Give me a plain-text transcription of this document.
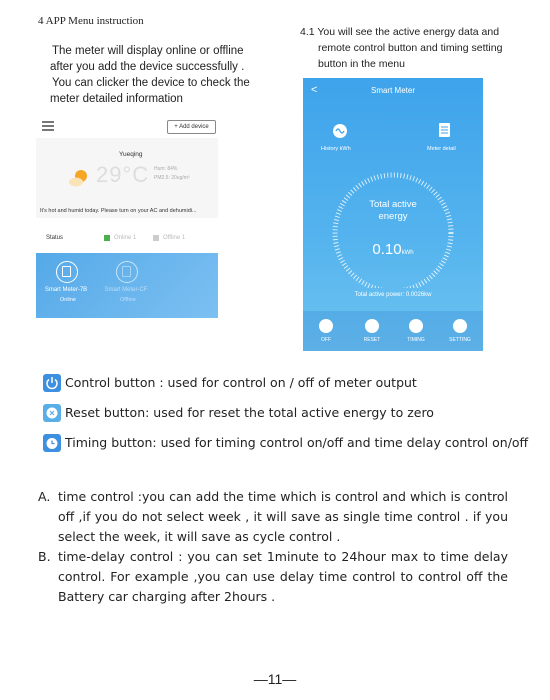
4 APP Menu instruction
The meter will display online or offline
after you add the device successfully .
You can clicker the device to check the
meter detailed information
4.1 You will see the active energy data and
remote control button and timing setting
button in the menu
+ Add device
Yueqing
29°C Hum: 84%
PM2.5: 20ug/m³
It's hot and humid today. Please turn on your AC and dehumidi...
Status	Online 1	Offline 1
Smart Meter-7B
Online
Smart Meter-CF
Offline
<	Smart Meter
History kWh	Meter detail
Total active
energy
0.10kWh
Total active power: 0.0026kw
OFF	RESET	TIMING	SETTING
Control button : used for control on / off of meter output
Reset button: used for reset the total active energy to zero
Timing button: used for timing control on/off and time delay control on/off
A. time control :you can add the time which is control and which is control off ,if you do not select week , it will save as single time control . if you select the week, it will save as cycle control .
B. time-delay control : you can set 1minute to 24hour max to time delay control. For example ,you can use delay time control to control off the Battery car charging after 2hours .
—11—
